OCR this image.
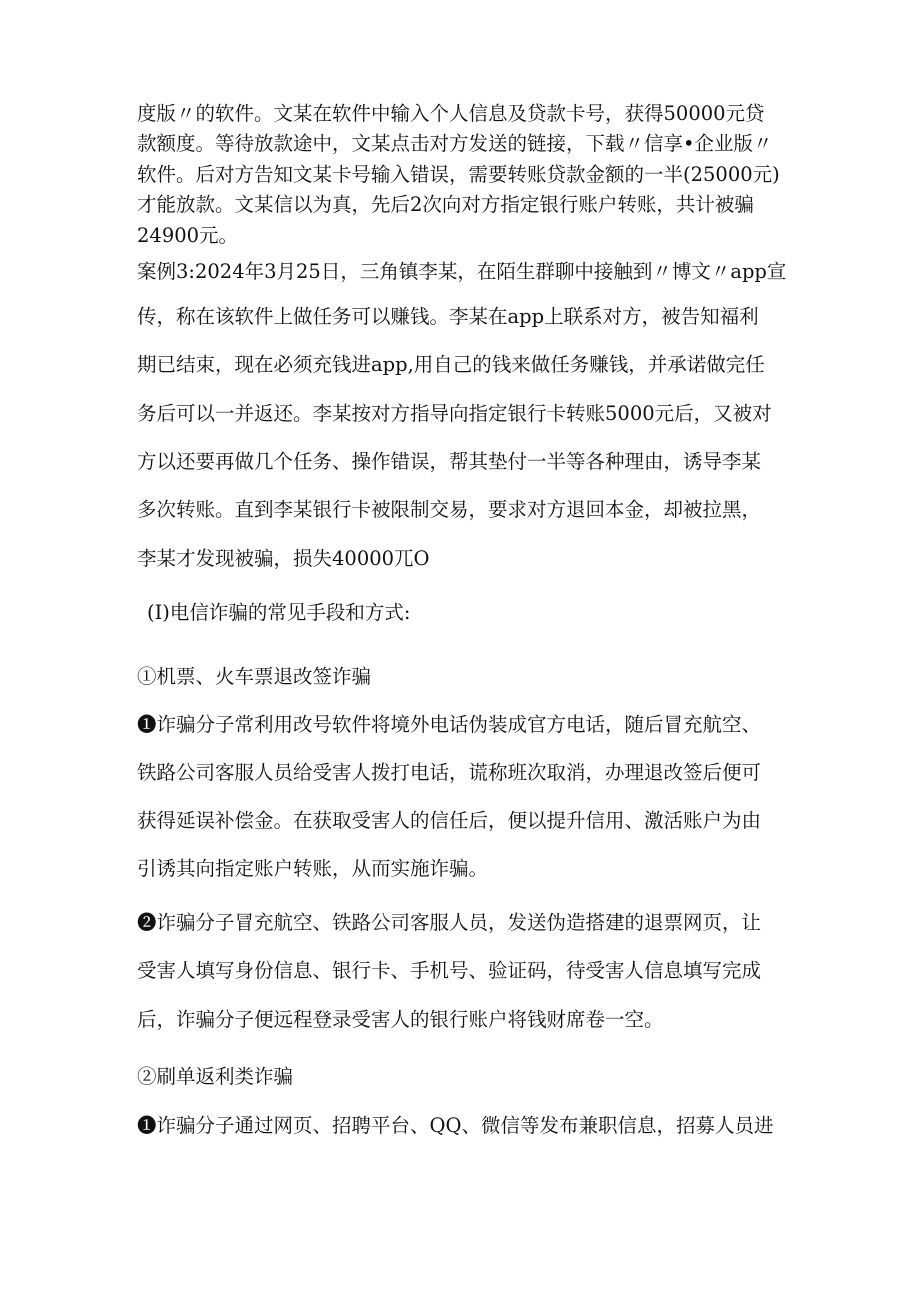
度版〃的软件。文某在软件中输入个人信息及贷款卡号，获得50000元贷
款额度。等待放款途中，文某点击对方发送的链接，下载〃信享•企业版〃
软件。后对方告知文某卡号输入错误，需要转账贷款金额的一半(25000元)
才能放款。文某信以为真，先后2次向对方指定银行账户转账，共计被骗
24900元。
案例3:2024年3月25日，三角镇李某，在陌生群聊中接触到〃博文〃app宣
传，称在该软件上做任务可以赚钱。李某在app上联系对方，被告知福利
期已结束，现在必须充钱进app,用自己的钱来做任务赚钱，并承诺做完任
务后可以一并返还。李某按对方指导向指定银行卡转账5000元后，又被对
方以还要再做几个任务、操作错误，帮其垫付一半等各种理由，诱导李某
多次转账。直到李某银行卡被限制交易，要求对方退回本金，却被拉黑，
李某才发现被骗，损失40000兀O
(I)电信诈骗的常见手段和方式:
①机票、火车票退改签诈骗
❶诈骗分子常利用改号软件将境外电话伪装成官方电话，随后冒充航空、
铁路公司客服人员给受害人拨打电话，谎称班次取消，办理退改签后便可
获得延误补偿金。在获取受害人的信任后，便以提升信用、激活账户为由
引诱其向指定账户转账，从而实施诈骗。
❷诈骗分子冒充航空、铁路公司客服人员，发送伪造搭建的退票网页，让
受害人填写身份信息、银行卡、手机号、验证码，待受害人信息填写完成
后，诈骗分子便远程登录受害人的银行账户将钱财席卷一空。
②刷单返利类诈骗
❶诈骗分子通过网页、招聘平台、QQ、微信等发布兼职信息，招募人员进
